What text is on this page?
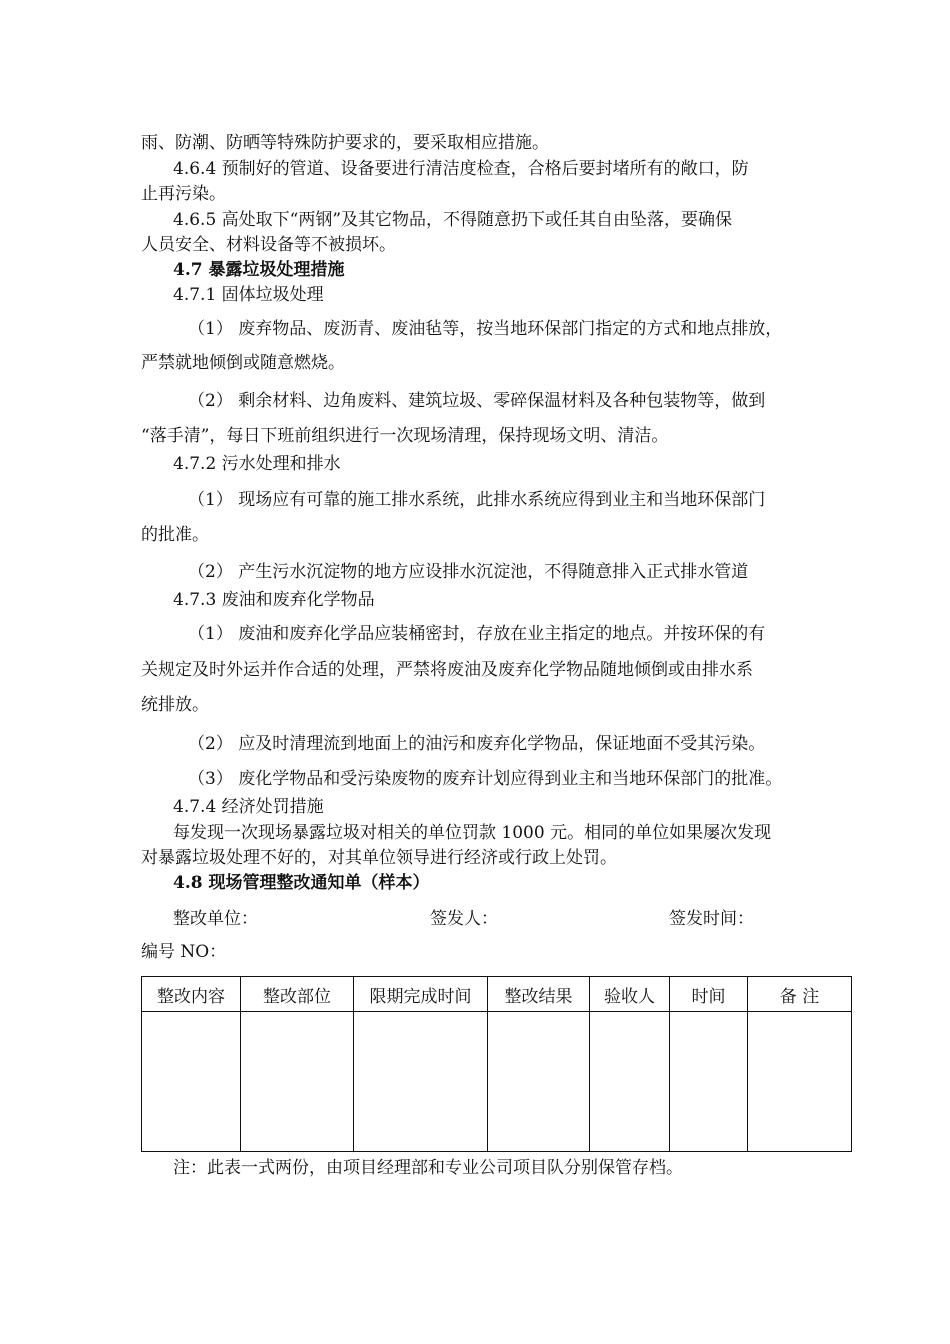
雨、防潮、防晒等特殊防护要求的，要采取相应措施。
4.6.4 预制好的管道、设备要进行清洁度检查，合格后要封堵所有的敞口，防
止再污染。
4.6.5 高处取下“两钢”及其它物品，不得随意扔下或任其自由坠落，要确保
人员安全、材料设备等不被损坏。
4.7 暴露垃圾处理措施
4.7.1 固体垃圾处理
（1） 废弃物品、废沥青、废油毡等，按当地环保部门指定的方式和地点排放，
严禁就地倾倒或随意燃烧。
（2） 剩余材料、边角废料、建筑垃圾、零碎保温材料及各种包装物等，做到
“落手清”，每日下班前组织进行一次现场清理，保持现场文明、清洁。
4.7.2 污水处理和排水
（1） 现场应有可靠的施工排水系统，此排水系统应得到业主和当地环保部门
的批准。
（2） 产生污水沉淀物的地方应设排水沉淀池，不得随意排入正式排水管道
4.7.3 废油和废弃化学物品
（1） 废油和废弃化学品应装桶密封，存放在业主指定的地点。并按环保的有
关规定及时外运并作合适的处理，严禁将废油及废弃化学物品随地倾倒或由排水系
统排放。
（2） 应及时清理流到地面上的油污和废弃化学物品，保证地面不受其污染。
（3） 废化学物品和受污染废物的废弃计划应得到业主和当地环保部门的批准。
4.7.4 经济处罚措施
每发现一次现场暴露垃圾对相关的单位罚款 1000 元。相同的单位如果屡次发现
对暴露垃圾处理不好的，对其单位领导进行经济或行政上处罚。
4.8 现场管理整改通知单（样本）
整改单位：	签发人：	签发时间：
编号 NO：
整改内容	整改部位	限期完成时间	整改结果	验收人	时间	备 注

注：此表一式两份，由项目经理部和专业公司项目队分别保管存档。
